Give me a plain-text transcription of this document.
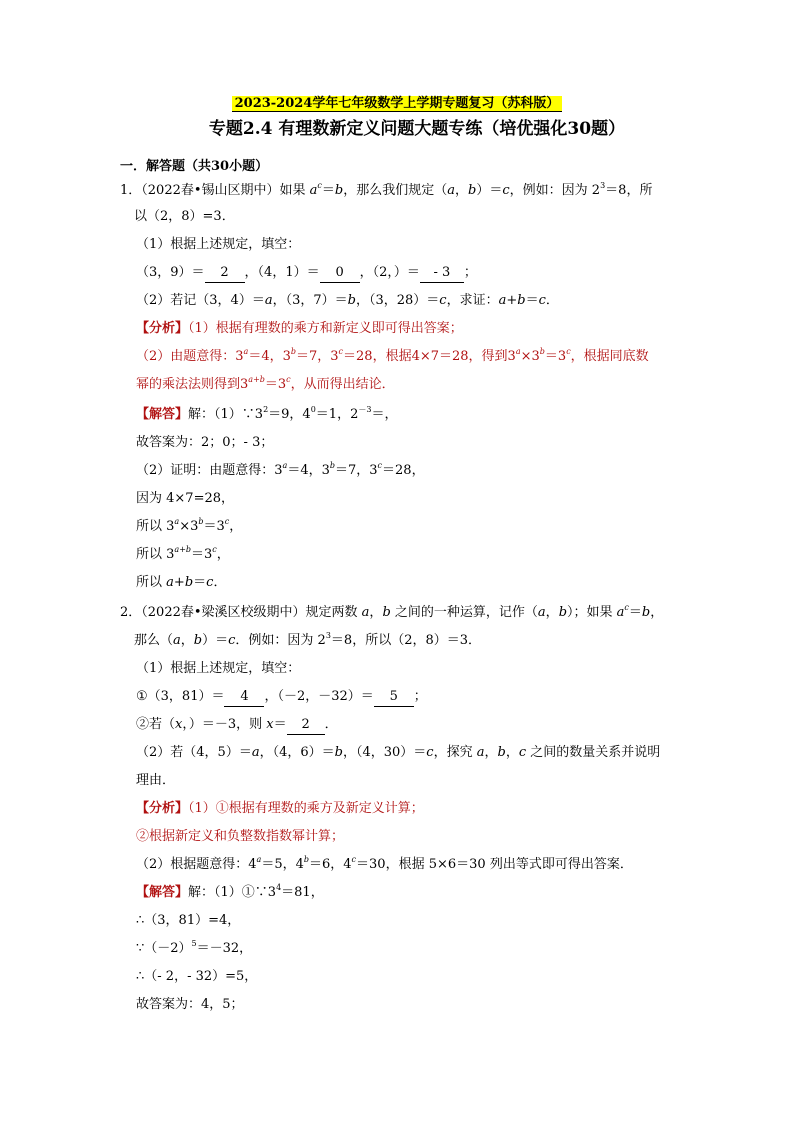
2023-2024学年七年级数学上学期专题复习（苏科版）
专题2.4 有理数新定义问题大题专练（培优强化30题）
一．解答题（共30小题）
1．（2022春•锡山区期中）如果 $a^c=b$，那么我们规定（a，b）＝c，例如：因为 $2^3=8$，所
以（2，8）=3．
（1）根据上述规定，填空：
（3，9）＝ 2 ，（4，1）＝ 0 ，（2，）＝ - 3 ；
（2）若记（3，4）＝a，（3，7）＝b，（3，28）＝c，求证：a+b＝c．
【分析】（1）根据有理数的乘方和新定义即可得出答案；
（2）由题意得：$3^a=4$，$3^b=7$，$3^c=28$，根据4×7＝28，得到$3^a\times 3^b=3^c$，根据同底数
幂的乘法法则得到$3^{a+b}=3^c$，从而得出结论．
【解答】解：$(1)\because 3^2=9$，$4^0=1$，$2^{-3}=$，
故答案为：2；0；- 3；
（2）证明：由题意得：$3^a=4$，$3^b=7$，$3^c=28$，
因为 4×7=28，
所以 $3^a\times 3^b=3^c$，
所以 $3^{a+b}=3^c$，
所以 a+b＝c．
2．（2022春•梁溪区校级期中）规定两数 a，b 之间的一种运算，记作（a，b）；如果 $a^c=b$，
那么（a，b）＝c．例如：因为 $2^3=8$，所以（2，8）＝3．
（1）根据上述规定，填空：
①（3，81）＝ 4 ，（－2，－32）＝ 5 ；
②若（x，）＝－3，则 x＝ 2 ．
（2）若（4，5）＝a，（4，6）＝b，（4，30）＝c，探究 a，b，c 之间的数量关系并说明
理由．
【分析】（1）①根据有理数的乘方及新定义计算；
②根据新定义和负整数指数幂计算；
（2）根据题意得：$4^a=5$，$4^b=6$，$4^c=30$，根据 5×6＝30 列出等式即可得出答案．
【解答】解：$(1)①\because 3^4=81$，
∴（3，81）=4，
$\because(-2)^5=-32$，
∴（- 2，- 32）=5，
故答案为：4，5；
